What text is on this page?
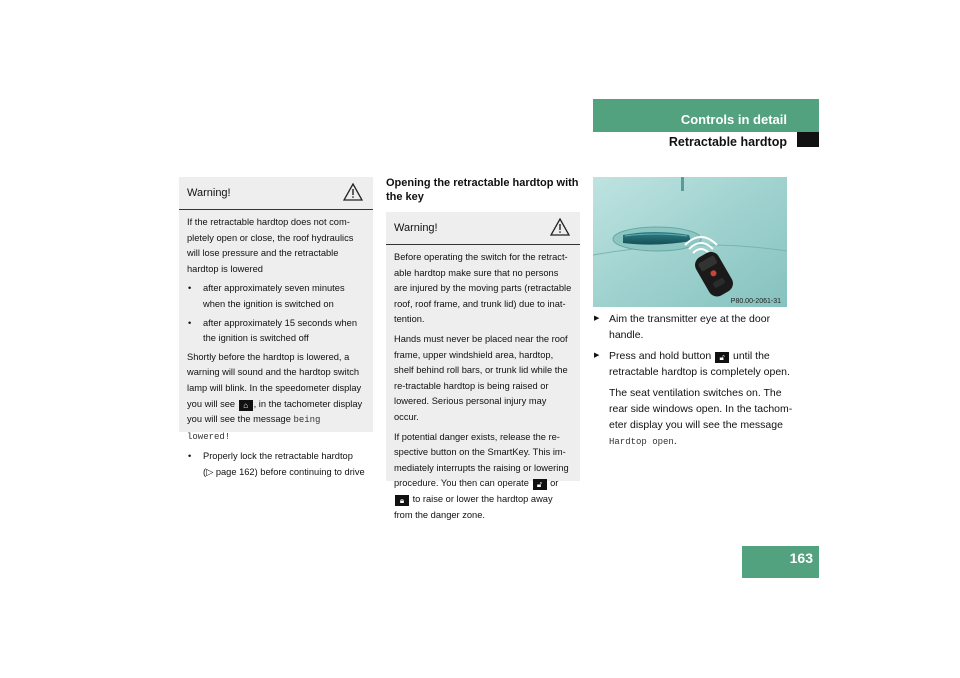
Controls in detail
Retractable hardtop
Warning!

If the retractable hardtop does not com-pletely open or close, the roof hydraulics will lose pressure and the retractable hardtop is lowered

• after approximately seven minutes when the ignition is switched on
• after approximately 15 seconds when the ignition is switched off

Shortly before the hardtop is lowered, a warning will sound and the hardtop switch lamp will blink. In the speedometer display you will see ⌂ , in the tachometer display you will see the message being lowered!

• Properly lock the retractable hardtop (▷ page 162) before continuing to drive
Opening the retractable hardtop with the key
Warning!

Before operating the switch for the retract-able hardtop make sure that no persons are injured by the moving parts (retractable roof, roof frame, and trunk lid) due to inat-tention.

Hands must never be placed near the roof frame, upper windshield area, hardtop, shelf behind roll bars, or trunk lid while the re-tractable hardtop is being raised or lowered. Serious personal injury may occur.

If potential danger exists, release the re-spective button on the SmartKey. This im-mediately interrupts the raising or lowering procedure. You then can operate 🔓︎ or 🔒︎ to raise or lower the hardtop away from the danger zone.

P80.00-2061-31
▶ Aim the transmitter eye at the door handle.
▶ Press and hold button 🔓︎ until the retractable hardtop is completely open.

The seat ventilation switches on. The rear side windows open. In the tachom-eter display you will see the message Hardtop open.

163
